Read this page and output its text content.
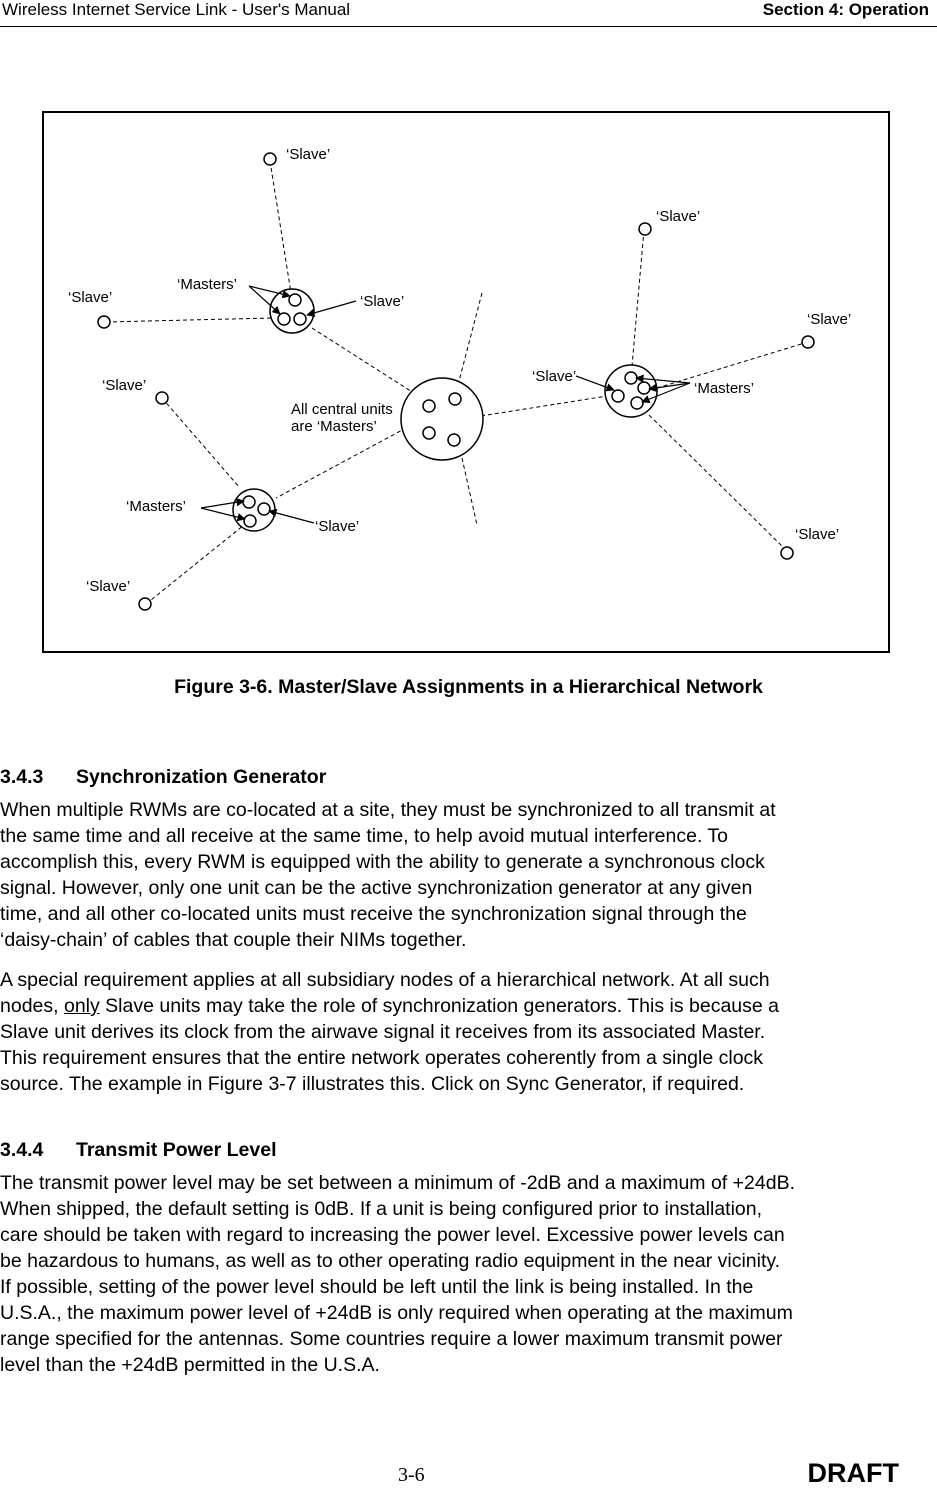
Wireless Internet Service Link - User's Manual	Section 4: Operation
‘Slave’
‘Slave’
‘Masters’
‘Slave’
‘Slave’
All central units
are ‘Masters’
‘Slave’
‘Slave’
‘Slave’
‘Masters’
‘Masters’
‘Slave’	‘Slave’
‘Slave’
Figure 3-6. Master/Slave Assignments in a Hierarchical Network
3.4.3 Synchronization Generator

When multiple RWMs are co-located at a site, they must be synchronized to all transmit at

the same time and all receive at the same time, to help avoid mutual interference. To

accomplish this, every RWM is equipped with the ability to generate a synchronous clock

signal. However, only one unit can be the active synchronization generator at any given

time, and all other co-located units must receive the synchronization signal through the

‘daisy-chain’ of cables that couple their NIMs together.

A special requirement applies at all subsidiary nodes of a hierarchical network. At all such

nodes, only Slave units may take the role of synchronization generators. This is because a

Slave unit derives its clock from the airwave signal it receives from its associated Master.

This requirement ensures that the entire network operates coherently from a single clock

source. The example in Figure 3-7 illustrates this. Click on Sync Generator, if required.

3.4.4 Transmit Power Level

The transmit power level may be set between a minimum of -2dB and a maximum of +24dB.

When shipped, the default setting is 0dB. If a unit is being configured prior to installation,

care should be taken with regard to increasing the power level. Excessive power levels can

be hazardous to humans, as well as to other operating radio equipment in the near vicinity.

If possible, setting of the power level should be left until the link is being installed. In the

U.S.A., the maximum power level of +24dB is only required when operating at the maximum

range specified for the antennas. Some countries require a lower maximum transmit power

level than the +24dB permitted in the U.S.A.

3-6	DRAFT
